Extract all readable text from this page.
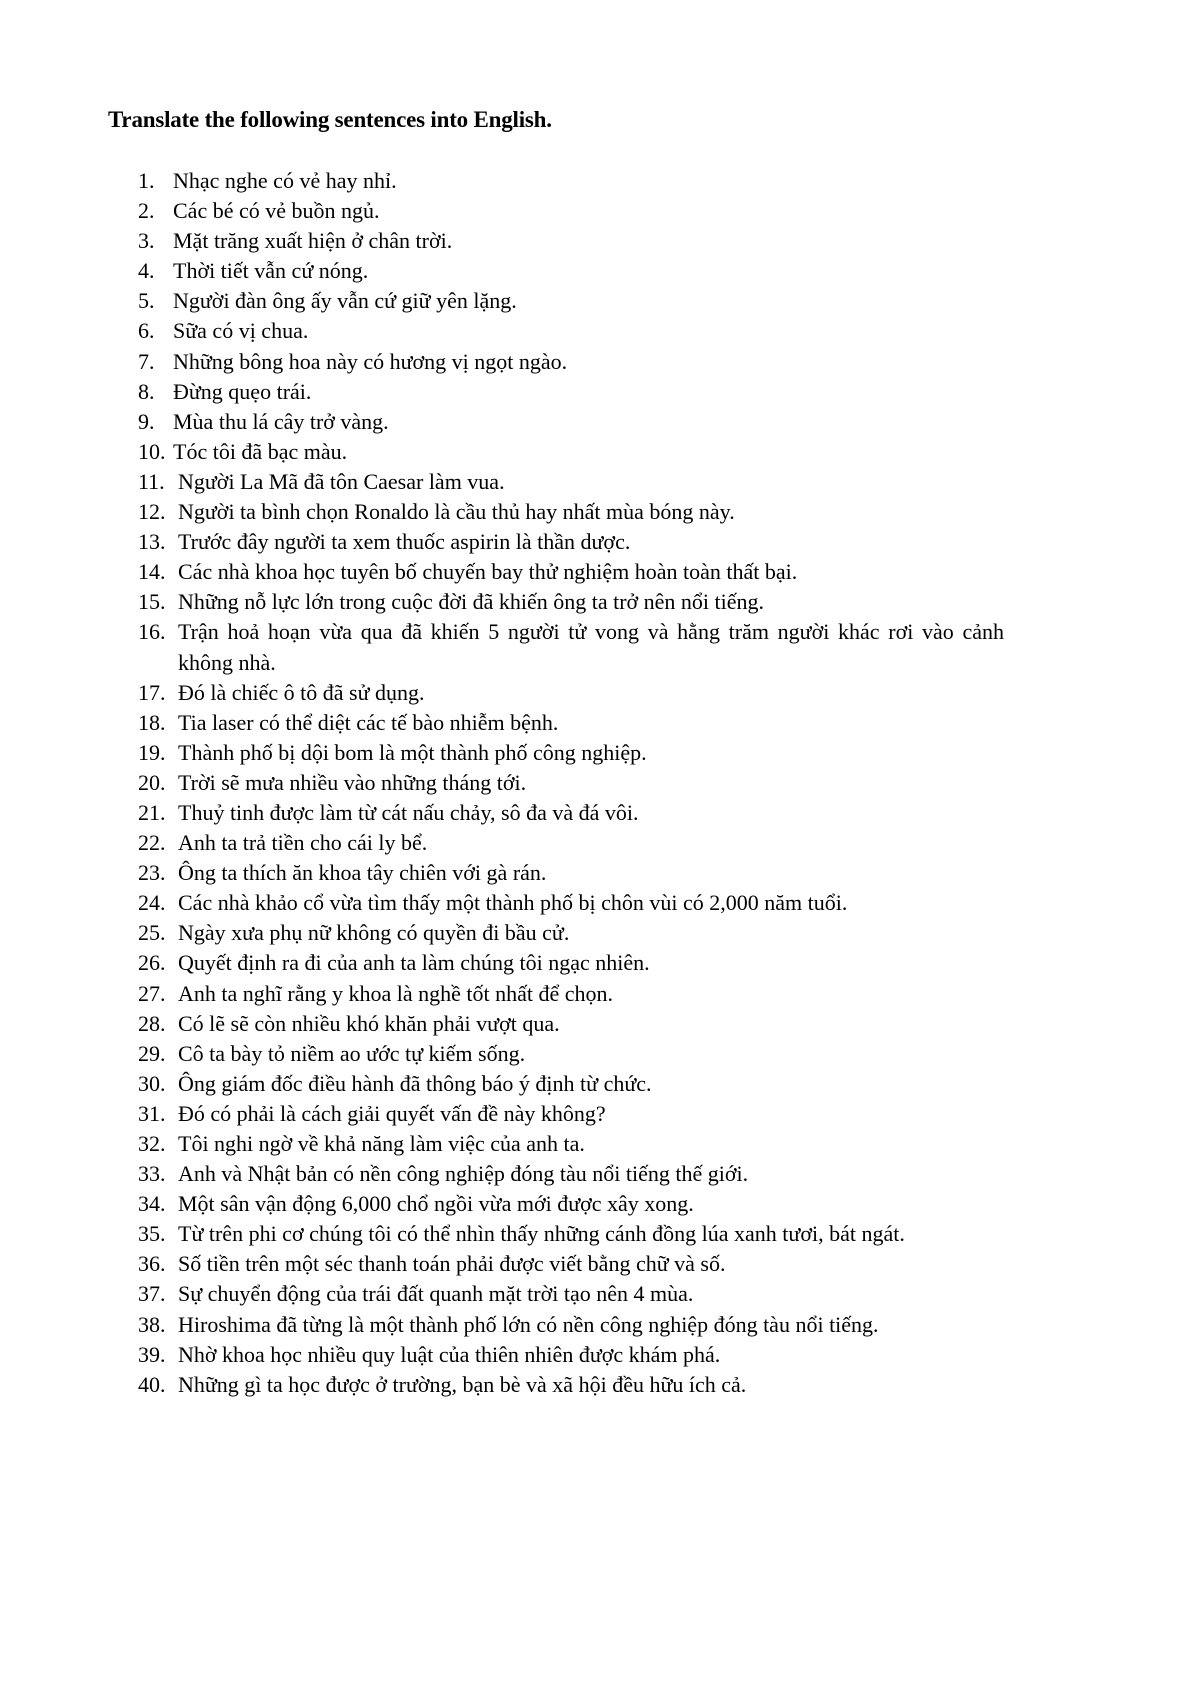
Translate the following sentences into English.
1. Nhạc nghe có vẻ hay nhỉ.
2. Các bé có vẻ buồn ngủ.
3. Mặt trăng xuất hiện ở chân trời.
4. Thời tiết vẫn cứ nóng.
5. Người đàn ông ấy vẫn cứ giữ yên lặng.
6. Sữa có vị chua.
7. Những bông hoa này có hương vị ngọt ngào.
8. Đừng quẹo trái.
9. Mùa thu lá cây trở vàng.
10. Tóc tôi đã bạc màu.
11. Người La Mã đã tôn Caesar làm vua.
12. Người ta bình chọn Ronaldo là cầu thủ hay nhất mùa bóng này.
13. Trước đây người ta xem thuốc aspirin là thần dược.
14. Các nhà khoa học tuyên bố chuyến bay thử nghiệm hoàn toàn thất bại.
15. Những nỗ lực lớn trong cuộc đời đã khiến ông ta trở nên nổi tiếng.
16. Trận hoả hoạn vừa qua đã khiến 5 người tử vong và hằng trăm người khác rơi vào cảnh không nhà.
17. Đó là chiếc ô tô đã sử dụng.
18. Tia laser có thể diệt các tế bào nhiễm bệnh.
19. Thành phố bị dội bom là một thành phố công nghiệp.
20. Trời sẽ mưa nhiều vào những tháng tới.
21. Thuỷ tinh được làm từ cát nấu chảy, sô đa và đá vôi.
22. Anh ta trả tiền cho cái ly bể.
23. Ông ta thích ăn khoa tây chiên với gà rán.
24. Các nhà khảo cổ vừa tìm thấy một thành phố bị chôn vùi có 2,000 năm tuổi.
25. Ngày xưa phụ nữ không có quyền đi bầu cử.
26. Quyết định ra đi của anh ta làm chúng tôi ngạc nhiên.
27. Anh ta nghĩ rằng y khoa là nghề tốt nhất để chọn.
28. Có lẽ sẽ còn nhiều khó khăn phải vượt qua.
29. Cô ta bày tỏ niềm ao ước tự kiếm sống.
30. Ông giám đốc điều hành đã thông báo ý định từ chức.
31. Đó có phải là cách giải quyết vấn đề này không?
32. Tôi nghi ngờ về khả năng làm việc của anh ta.
33. Anh và Nhật bản có nền công nghiệp đóng tàu nổi tiếng thế giới.
34. Một sân vận động 6,000 chổ ngồi vừa mới được xây xong.
35. Từ trên phi cơ chúng tôi có thể nhìn thấy những cánh đồng lúa xanh tươi, bát ngát.
36. Số tiền trên một séc thanh toán phải được viết bằng chữ và số.
37. Sự chuyển động của trái đất quanh mặt trời tạo nên 4 mùa.
38. Hiroshima đã từng là một thành phố lớn có nền công nghiệp đóng tàu nổi tiếng.
39. Nhờ khoa học nhiều quy luật của thiên nhiên được khám phá.
40. Những gì ta học được ở trường, bạn bè và xã hội đều hữu ích cả.
